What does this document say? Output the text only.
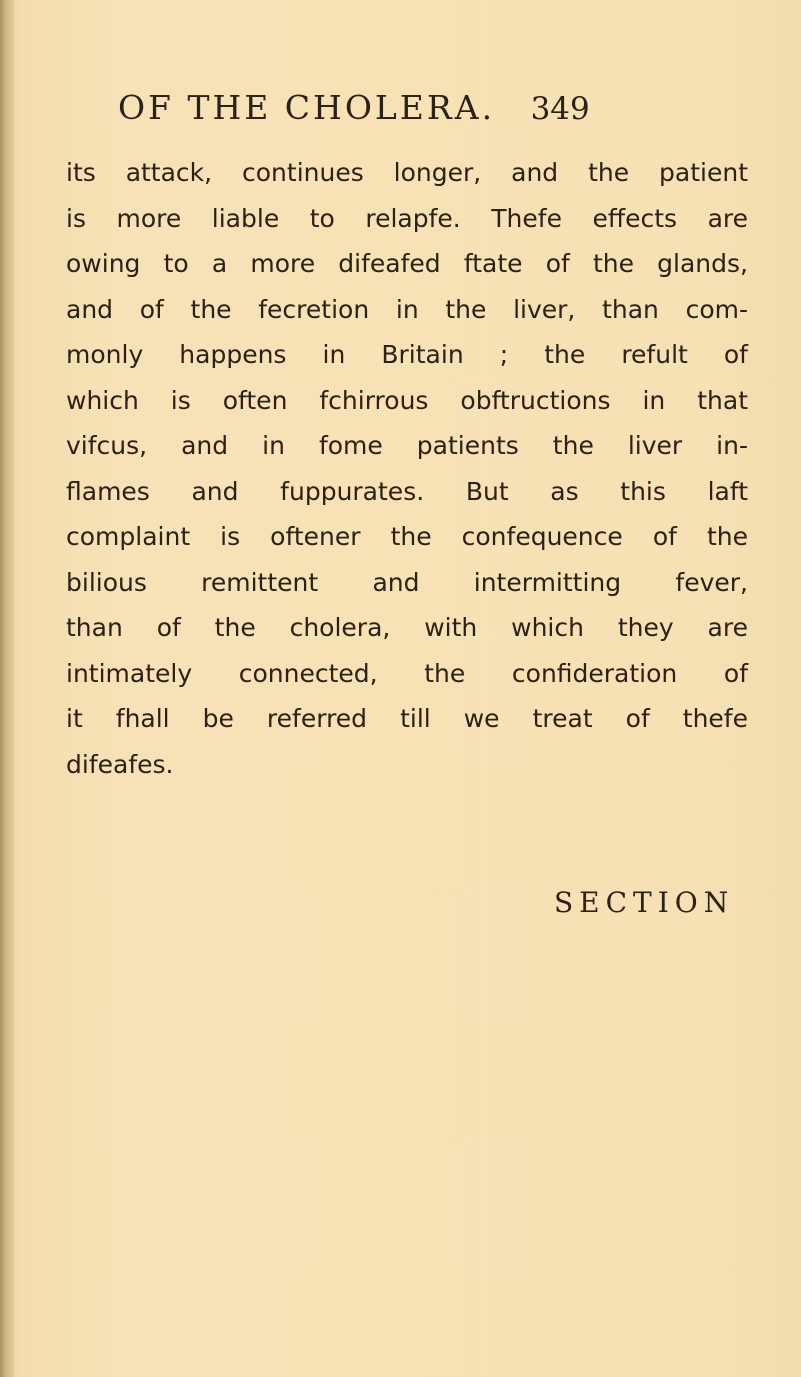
OF THE CHOLERA. 349
its attack, continues longer, and the patient
is more liable to relapfe. Thefe effects are
owing to a more difeafed ftate of the glands,
and of the fecretion in the liver, than com-
monly happens in Britain ; the refult of
which is often fchirrous obftructions in that
vifcus, and in fome patients the liver in-
flames and fuppurates. But as this laft
complaint is oftener the confequence of the
bilious remittent and intermitting fever,
than of the cholera, with which they are
intimately connected, the confideration of
it fhall be referred till we treat of thefe
difeafes.
SECTION
